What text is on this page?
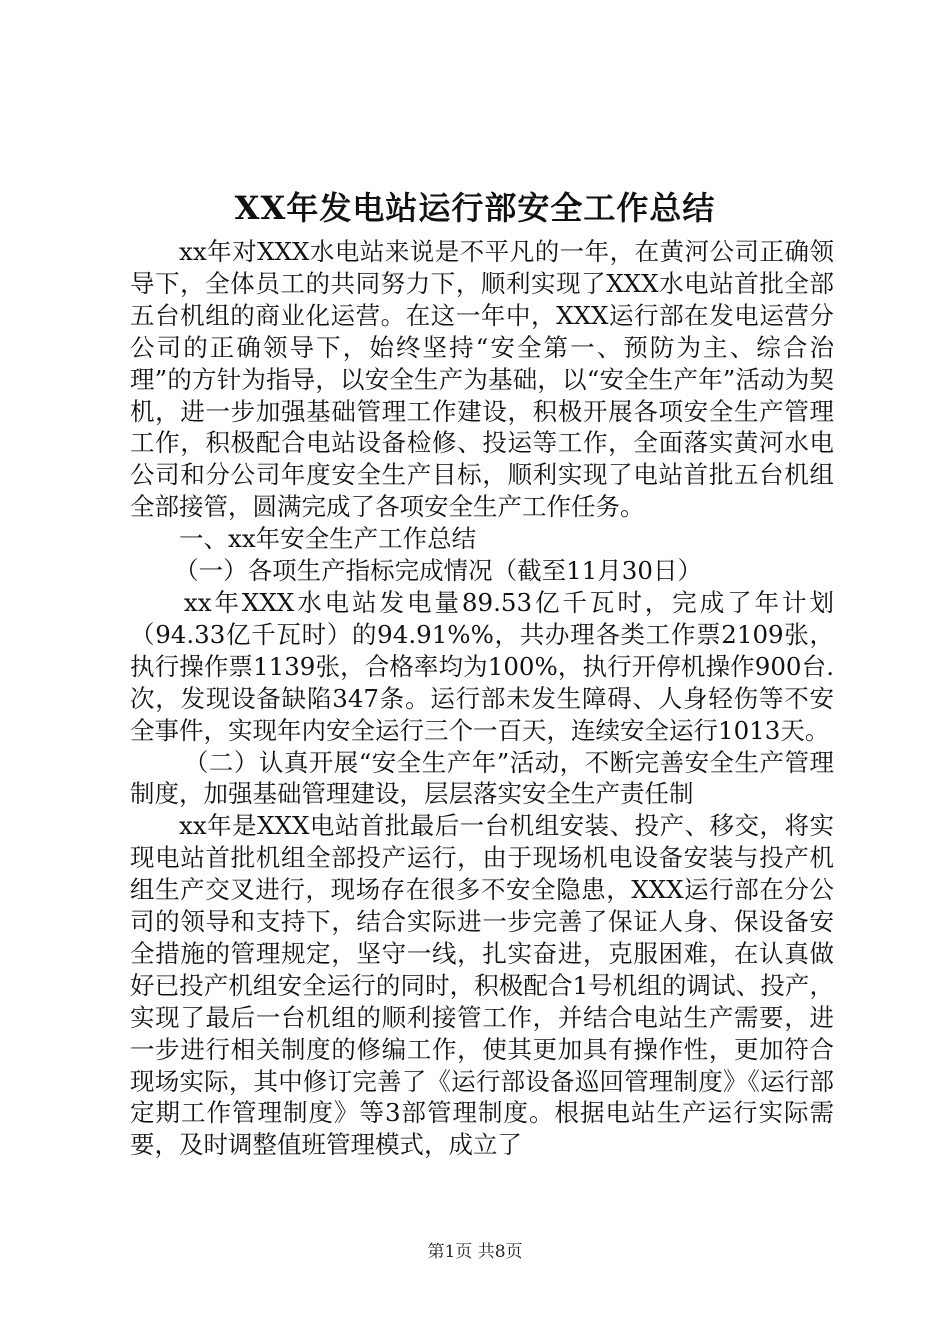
XX年发电站运行部安全工作总结

xx年对XXX水电站来说是不平凡的一年，在黄河公司正确领导下，全体员工的共同努力下，顺利实现了XXX水电站首批全部五台机组的商业化运营。在这一年中，XXX运行部在发电运营分公司的正确领导下，始终坚持“安全第一、预防为主、综合治理”的方针为指导，以安全生产为基础，以“安全生产年”活动为契机，进一步加强基础管理工作建设，积极开展各项安全生产管理工作，积极配合电站设备检修、投运等工作，全面落实黄河水电公司和分公司年度安全生产目标，顺利实现了电站首批五台机组全部接管，圆满完成了各项安全生产工作任务。

一、xx年安全生产工作总结

（一）各项生产指标完成情况（截至11月30日）

xx年XXX水电站发电量89.53亿千瓦时，完成了年计划（94.33亿千瓦时）的94.91%%，共办理各类工作票2109张，执行操作票1139张，合格率均为100%，执行开停机操作900台.次，发现设备缺陷347条。运行部未发生障碍、人身轻伤等不安全事件，实现年内安全运行三个一百天，连续安全运行1013天。

（二）认真开展“安全生产年”活动，不断完善安全生产管理制度，加强基础管理建设，层层落实安全生产责任制

xx年是XXX电站首批最后一台机组安装、投产、移交，将实现电站首批机组全部投产运行，由于现场机电设备安装与投产机组生产交叉进行，现场存在很多不安全隐患，XXX运行部在分公司的领导和支持下，结合实际进一步完善了保证人身、保设备安全措施的管理规定，坚守一线，扎实奋进，克服困难，在认真做好已投产机组安全运行的同时，积极配合1号机组的调试、投产，实现了最后一台机组的顺利接管工作，并结合电站生产需要，进一步进行相关制度的修编工作，使其更加具有操作性，更加符合现场实际，其中修订完善了《运行部设备巡回管理制度》《运行部定期工作管理制度》等3部管理制度。根据电站生产运行实际需要，及时调整值班管理模式，成立了

第1页 共8页
